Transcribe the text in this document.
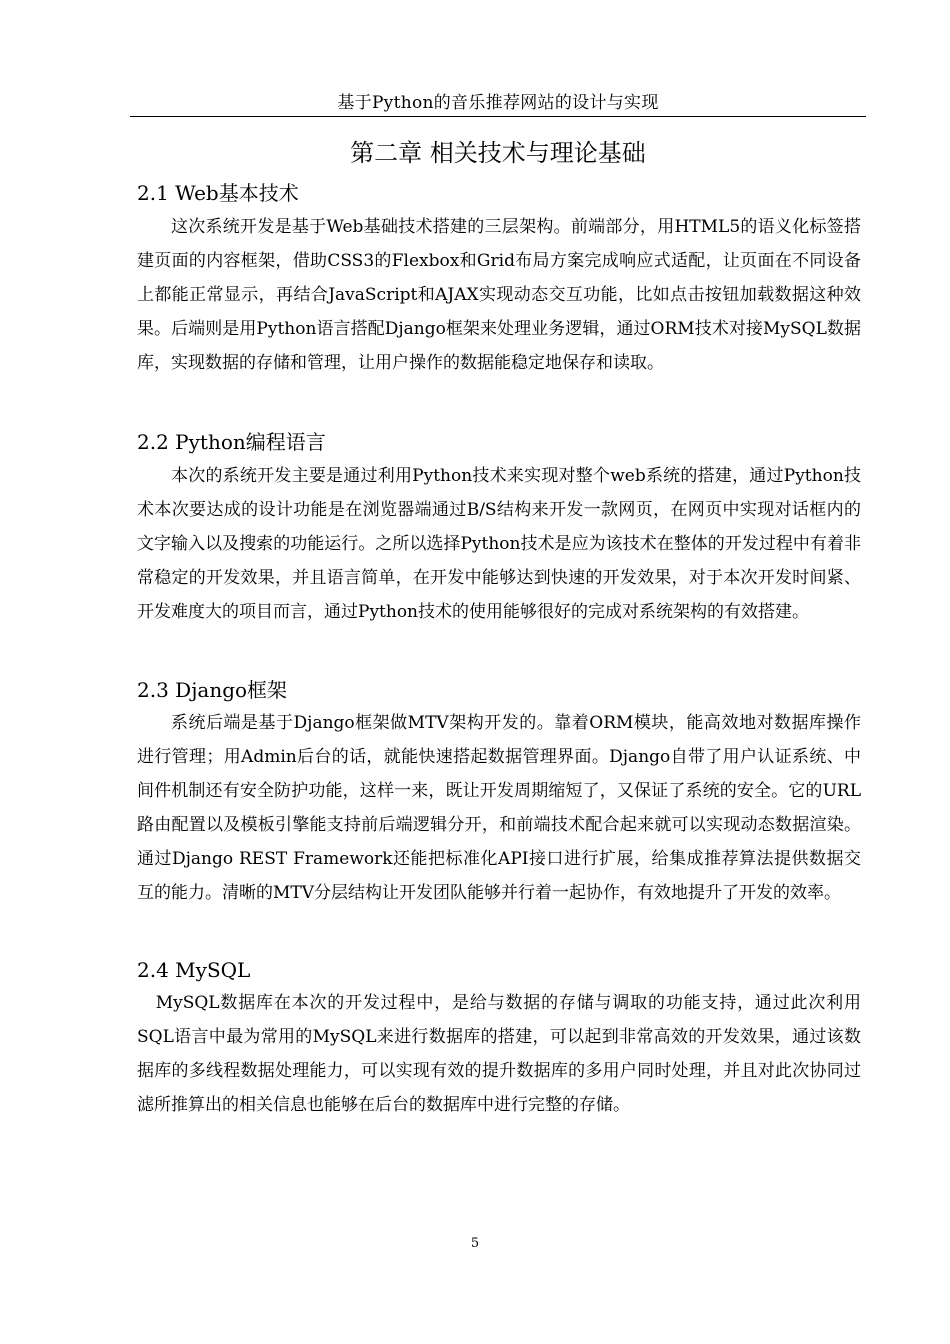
基于Python的音乐推荐网站的设计与实现
第二章 相关技术与理论基础
2.1 Web基本技术

这次系统开发是基于Web基础技术搭建的三层架构。前端部分，用HTML5的语义化标签搭建页面的内容框架，借助CSS3的Flexbox和Grid布局方案完成响应式适配，让页面在不同设备上都能正常显示，再结合JavaScript和AJAX实现动态交互功能，比如点击按钮加载数据这种效果。后端则是用Python语言搭配Django框架来处理业务逻辑，通过ORM技术对接MySQL数据库，实现数据的存储和管理，让用户操作的数据能稳定地保存和读取。

2.2 Python编程语言

本次的系统开发主要是通过利用Python技术来实现对整个web系统的搭建，通过Python技术本次要达成的设计功能是在浏览器端通过B/S结构来开发一款网页，在网页中实现对话框内的文字输入以及搜索的功能运行。之所以选择Python技术是应为该技术在整体的开发过程中有着非常稳定的开发效果，并且语言简单，在开发中能够达到快速的开发效果，对于本次开发时间紧、开发难度大的项目而言，通过Python技术的使用能够很好的完成对系统架构的有效搭建。

2.3 Django框架

系统后端是基于Django框架做MTV架构开发的。靠着ORM模块，能高效地对数据库操作进行管理；用Admin后台的话，就能快速搭起数据管理界面。Django自带了用户认证系统、中间件机制还有安全防护功能，这样一来，既让开发周期缩短了，又保证了系统的安全。它的URL路由配置以及模板引擎能支持前后端逻辑分开，和前端技术配合起来就可以实现动态数据渲染。通过Django REST Framework还能把标准化API接口进行扩展，给集成推荐算法提供数据交互的能力。清晰的MTV分层结构让开发团队能够并行着一起协作，有效地提升了开发的效率。

2.4 MySQL

MySQL数据库在本次的开发过程中，是给与数据的存储与调取的功能支持，通过此次利用SQL语言中最为常用的MySQL来进行数据库的搭建，可以起到非常高效的开发效果，通过该数据库的多线程数据处理能力，可以实现有效的提升数据库的多用户同时处理，并且对此次协同过滤所推算出的相关信息也能够在后台的数据库中进行完整的存储。

5
